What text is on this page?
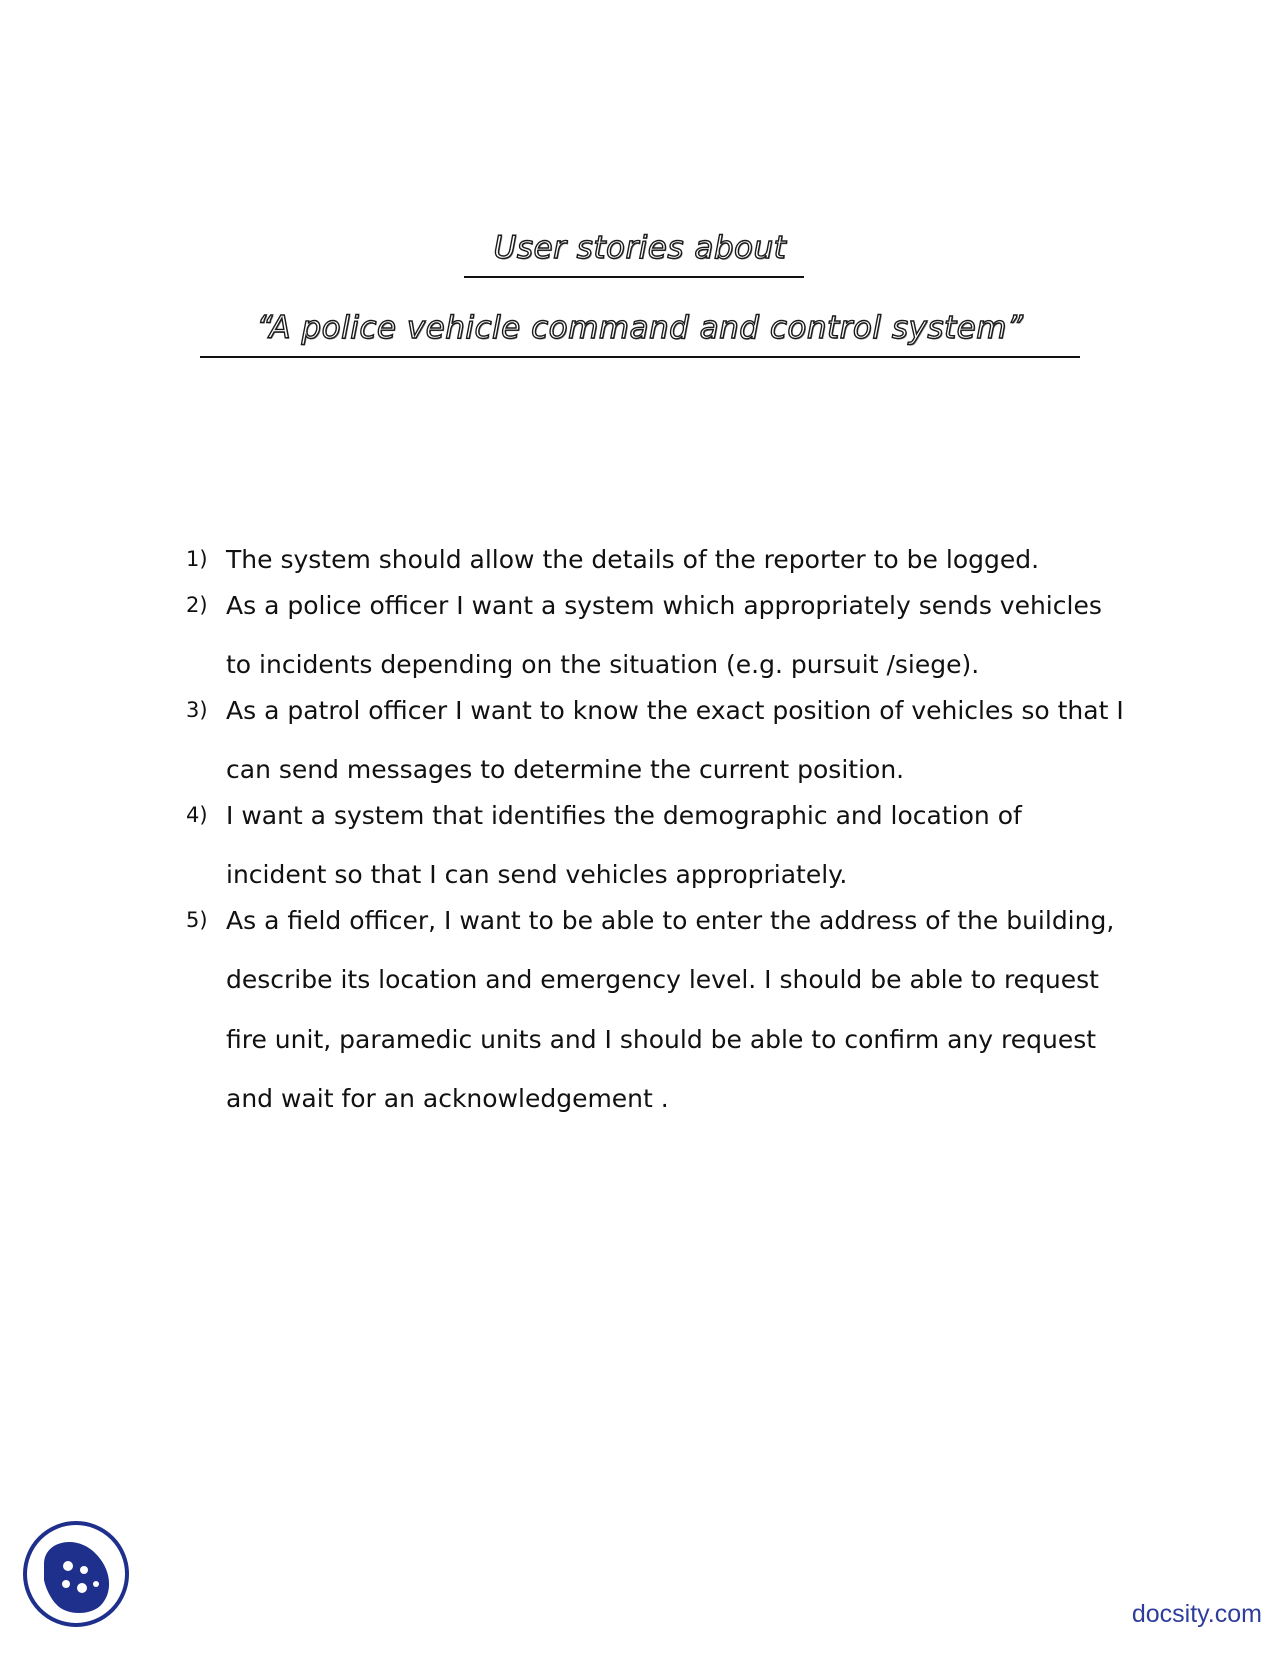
User stories about
“A police vehicle command and control system”
1) The system should allow the details of the reporter to be logged.
2) As a police officer I want a system which appropriately sends vehicles to incidents depending on the situation (e.g. pursuit /siege).
3) As a patrol officer I want to know the exact position of vehicles so that I can send messages to determine the current position.
4) I want a system that identifies the demographic and location of incident so that I can send vehicles appropriately.
5) As a field officer, I want to be able to enter the address of the building, describe its location and emergency level. I should be able to request fire unit, paramedic units and I should be able to confirm any request and wait for an acknowledgement .
docsity.com
